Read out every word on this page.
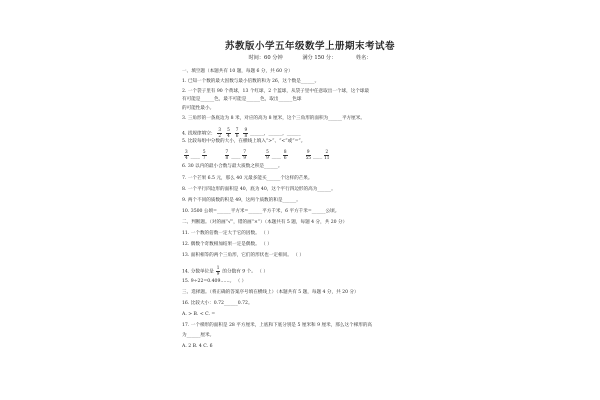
苏教版小学五年级数学上册期末考试卷
时间：60 分钟	满分 150 分：	姓名：
一、填空题（本题共有 10 题，每题 6 分，共 60 分）
1. 已知一个数的最大因数与最小倍数的和为 26，这个数是______。
2. 一个袋子里有 90 个黄球，13 个红球，2 个蓝球，从袋子里中任意取出一个球，这个球最
有可能是______色，最不可能是______色，取出______色球
的可能性最小。
3. 三角形的一条底边为 8 米，对应的高为 8 厘米，这个三角形的面积为______平方厘米。
4. 找规律填空： $\frac{3}{2} \frac{5}{4} \frac{7}{6} \frac{9}{8}$ ______，______，______
5. 比较每组中分数的大小，在横线上填入“>”、“<”或“=”。
$\frac{3}{4}$ ____ $\frac{5}{7}$	$\frac{7}{8}$ ____ $\frac{7}{9}$	$\frac{5}{9}$ ____ $\frac{8}{6}$	$\frac{9}{55}$ ____ $\frac{2}{11}$
6. 30 以内的最小合数与最大质数之积是______。
7. 一个芒果 6.5 元，那么 40 元最多能买______个这样的芒果。
8. 一个平行四边形的面积是 40，底为 40，这个平行四边形的高为______。
9. 两个不同的质数的积是 49，这两个质数的和是______。
10. 3500 公顷=______平方米=______平方千米，6 平方千米=______公顷。
二、判断题。（对的画“√”，错的画“×”）（本题共有 5 题，每题 4 分，共 20 分）
11. 一个数的倍数一定大于它的因数。 （ ）
12. 偶数个奇数相加结果一定是偶数。 （ ）
13. 面积相等的两个三角形，它们的形状也一定相同。 （ ）
14. 分数单位是 $\frac{1}{9}$ 的分数有 9 个。 （ ）
15. 9÷22=0.409……。 （ ）
三、选择题。（将正确的答案序号填在横线上）（本题共有 5 题，每题 4 分，共 20 分）
16. 比较大小：0.72______0.72̇。
A. > B. < C. =
17. 一个梯形的面积是 28 平方厘米，上底和下底分别是 5 厘米和 9 厘米，那么这个梯形的高
为______厘米。
A. 2 B. 4 C. 6
